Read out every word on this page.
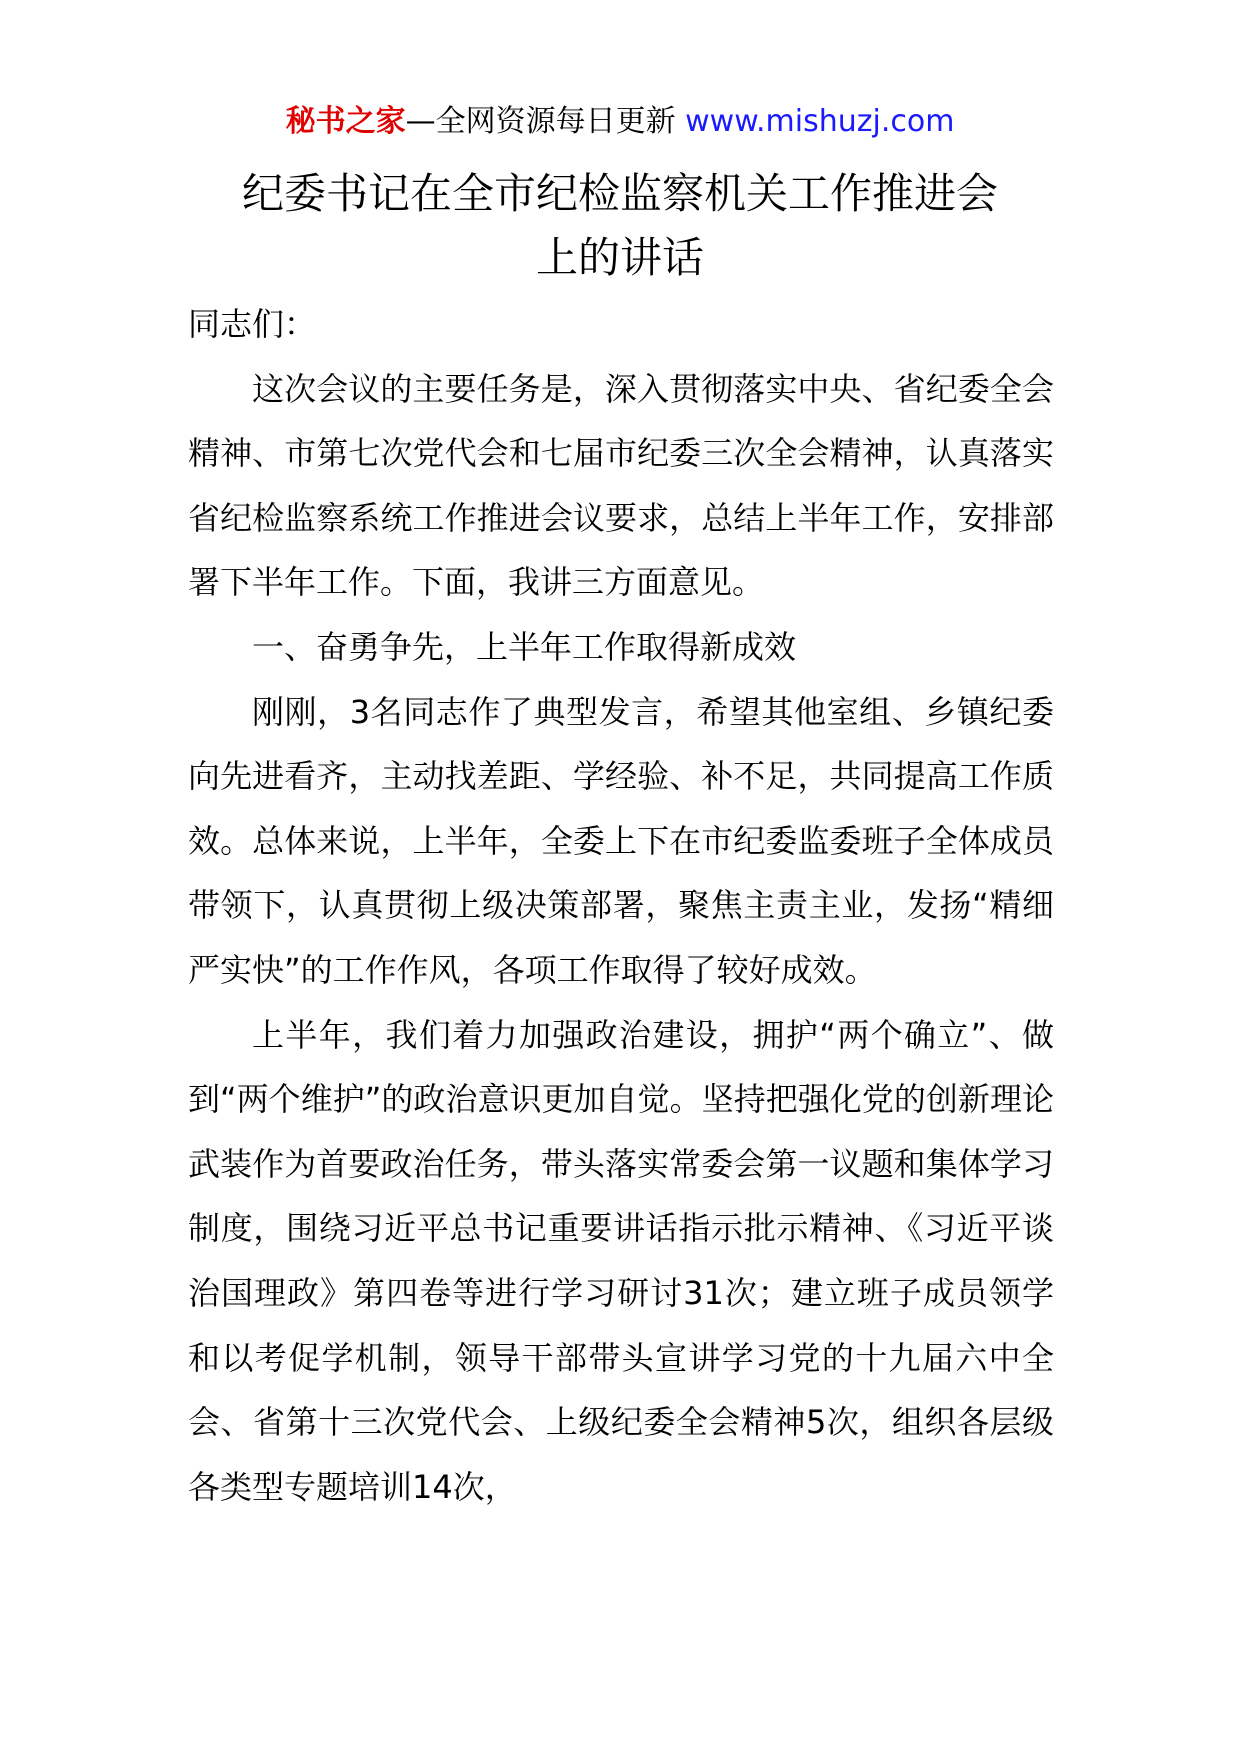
秘书之家—全网资源每日更新 www.mishuzj.com
纪委书记在全市纪检监察机关工作推进会
上的讲话

同志们：

这次会议的主要任务是，深入贯彻落实中央、省纪委全会精神、市第七次党代会和七届市纪委三次全会精神，认真落实省纪检监察系统工作推进会议要求，总结上半年工作，安排部署下半年工作。下面，我讲三方面意见。

一、奋勇争先，上半年工作取得新成效

刚刚，3名同志作了典型发言，希望其他室组、乡镇纪委向先进看齐，主动找差距、学经验、补不足，共同提高工作质效。总体来说，上半年，全委上下在市纪委监委班子全体成员带领下，认真贯彻上级决策部署，聚焦主责主业，发扬“精细严实快”的工作作风，各项工作取得了较好成效。

上半年，我们着力加强政治建设，拥护“两个确立”、做到“两个维护”的政治意识更加自觉。坚持把强化党的创新理论武装作为首要政治任务，带头落实常委会第一议题和集体学习制度，围绕习近平总书记重要讲话指示批示精神、《习近平谈治国理政》第四卷等进行学习研讨31次；建立班子成员领学和以考促学机制，领导干部带头宣讲学习党的十九届六中全会、省第十三次党代会、上级纪委全会精神5次，组织各层级各类型专题培训14次，
